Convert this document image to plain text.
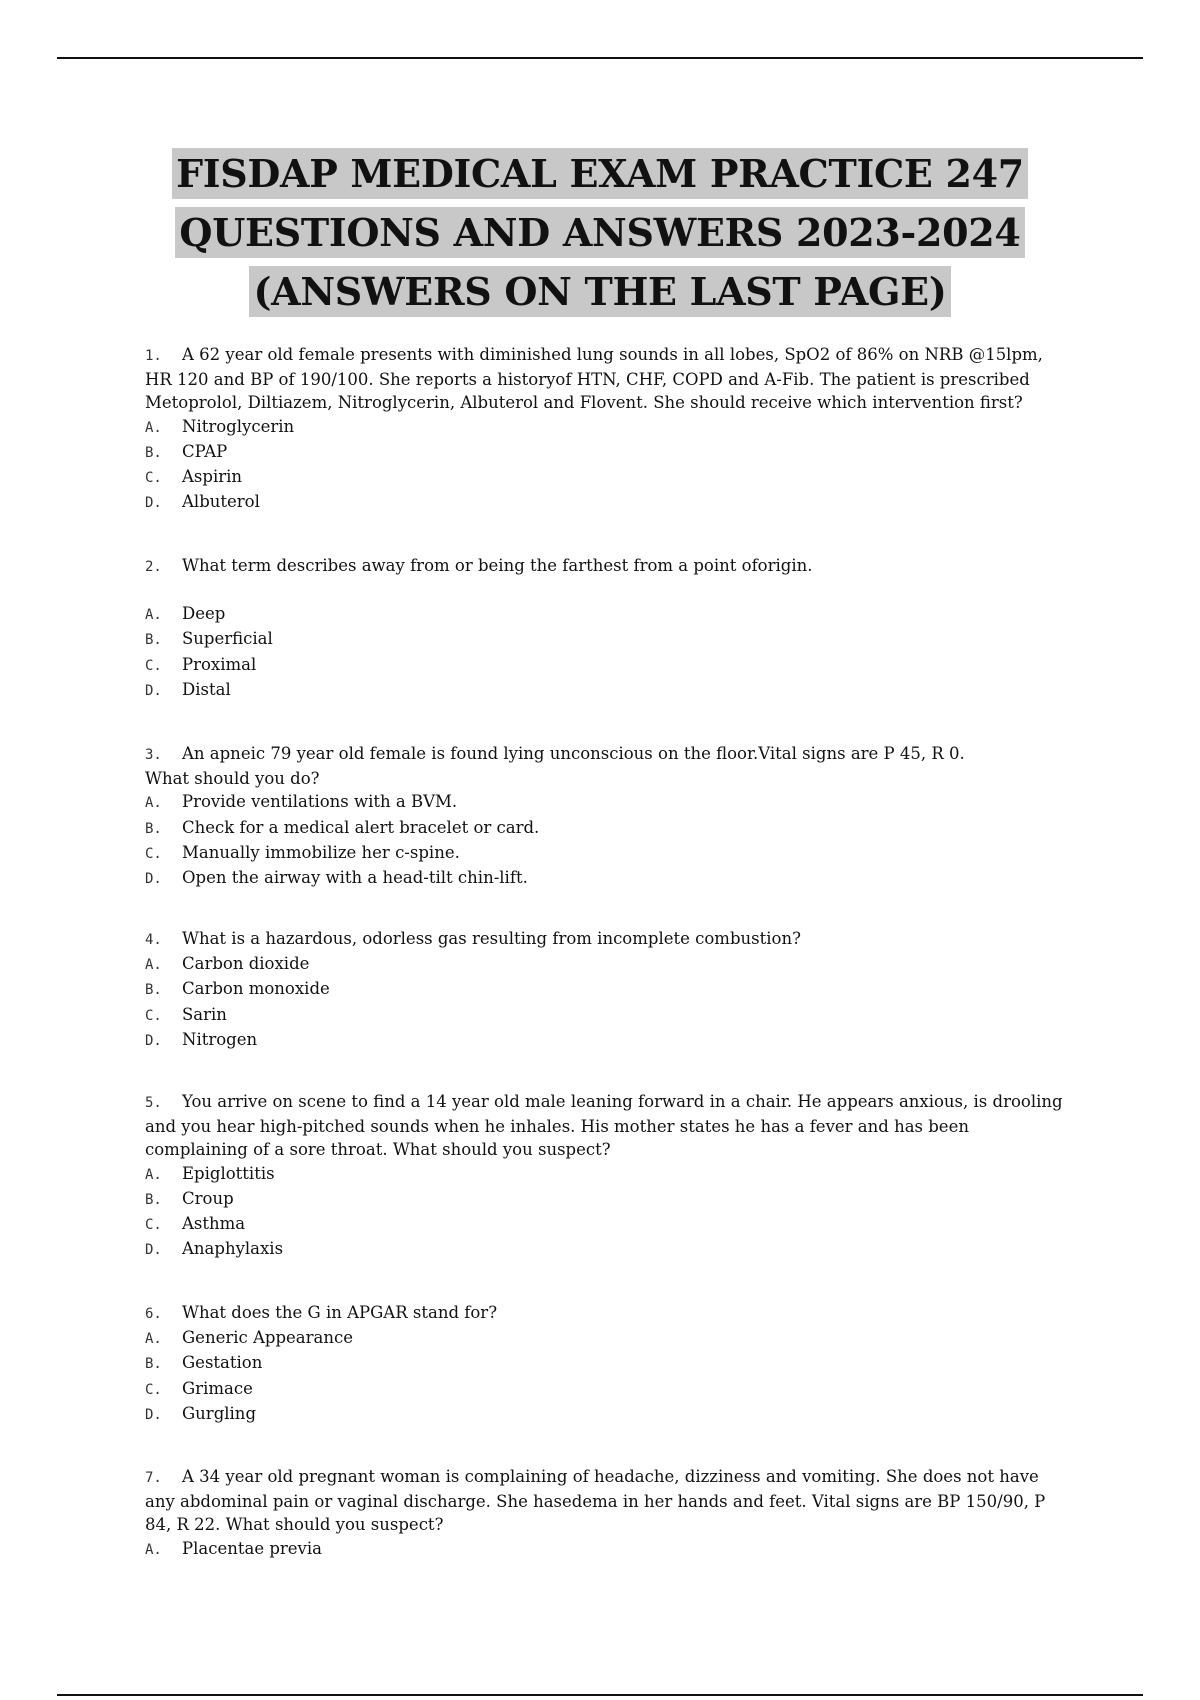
FISDAP MEDICAL EXAM PRACTICE 247
QUESTIONS AND ANSWERS 2023-2024
(ANSWERS ON THE LAST PAGE)

1. A 62 year old female presents with diminished lung sounds in all lobes, SpO2 of 86% on NRB @15lpm,

HR 120 and BP of 190/100. She reports a historyof HTN, CHF, COPD and A-Fib. The patient is prescribed

Metoprolol, Diltiazem, Nitroglycerin, Albuterol and Flovent. She should receive which intervention first?

A. Nitroglycerin

B. CPAP

C. Aspirin

D. Albuterol

2. What term describes away from or being the farthest from a point oforigin.

A. Deep

B. Superficial

C. Proximal

D. Distal

3. An apneic 79 year old female is found lying unconscious on the floor.Vital signs are P 45, R 0.

What should you do?

A. Provide ventilations with a BVM.

B. Check for a medical alert bracelet or card.

C. Manually immobilize her c-spine.

D. Open the airway with a head-tilt chin-lift.

4. What is a hazardous, odorless gas resulting from incomplete combustion?

A. Carbon dioxide

B. Carbon monoxide

C. Sarin

D. Nitrogen

5. You arrive on scene to find a 14 year old male leaning forward in a chair. He appears anxious, is drooling

and you hear high-pitched sounds when he inhales. His mother states he has a fever and has been

complaining of a sore throat. What should you suspect?

A. Epiglottitis

B. Croup

C. Asthma

D. Anaphylaxis

6. What does the G in APGAR stand for?

A. Generic Appearance

B. Gestation

C. Grimace

D. Gurgling

7. A 34 year old pregnant woman is complaining of headache, dizziness and vomiting. She does not have

any abdominal pain or vaginal discharge. She hasedema in her hands and feet. Vital signs are BP 150/90, P

84, R 22. What should you suspect?

A. Placentae previa
